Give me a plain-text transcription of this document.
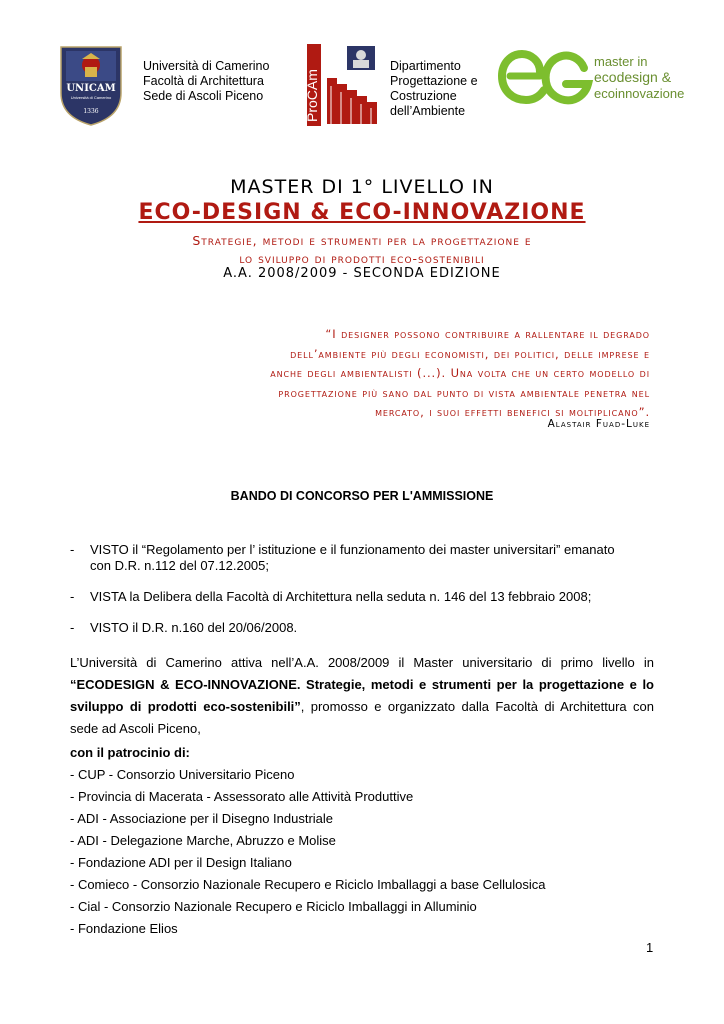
UNICAM
Università di Camerino
1336
Università di Camerino
Facoltà di Architettura
Sede di Ascoli Piceno	ProCAm
Dipartimento
Progettazione e
Costruzione
dell’Ambiente
master in
ecodesign &
ecoinnovazione
MASTER DI 1° LIVELLO IN
ECO-DESIGN & ECO-INNOVAZIONE
Strategie, metodi e strumenti per la progettazione e
lo sviluppo di prodotti eco-sostenibili
A.A. 2008/2009 - SECONDA EDIZIONE
“I designer possono contribuire a rallentare il degrado
dell’ambiente più degli economisti, dei politici, delle imprese e
anche degli ambientalisti (...). Una volta che un certo modello di
progettazione più sano dal punto di vista ambientale penetra nel
mercato, i suoi effetti benefici si moltiplicano”.
Alastair Fuad-Luke
BANDO DI CONCORSO PER L'AMMISSIONE
- VISTO il “Regolamento per l’ istituzione e il funzionamento dei master universitari” emanato
con D.R. n.112 del 07.12.2005;
- VISTA la Delibera della Facoltà di Architettura nella seduta n. 146 del 13 febbraio 2008;
- VISTO il D.R. n.160 del 20/06/2008.
L’Università di Camerino attiva nell’A.A. 2008/2009 il Master universitario di primo livello in “ECODESIGN & ECO-INNOVAZIONE. Strategie, metodi e strumenti per la progettazione e lo sviluppo di prodotti eco-sostenibili”, promosso e organizzato dalla Facoltà di Architettura con sede ad Ascoli Piceno,
con il patrocinio di:
- CUP - Consorzio Universitario Piceno
- Provincia di Macerata - Assessorato alle Attività Produttive
- ADI - Associazione per il Disegno Industriale
- ADI - Delegazione Marche, Abruzzo e Molise
- Fondazione ADI per il Design Italiano
- Comieco - Consorzio Nazionale Recupero e Riciclo Imballaggi a base Cellulosica
- Cial - Consorzio Nazionale Recupero e Riciclo Imballaggi in Alluminio
- Fondazione Elios
1
